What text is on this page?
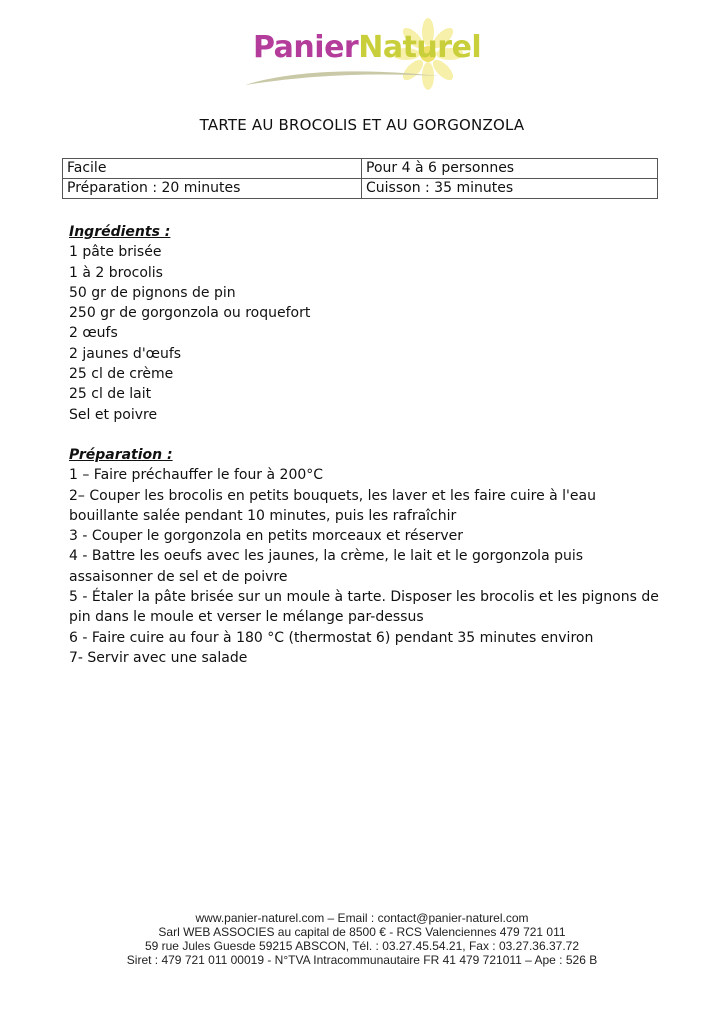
PanierNaturel
TARTE AU BROCOLIS ET AU GORGONZOLA
Facile	Pour 4 à 6 personnes
Préparation : 20 minutes	Cuisson : 35 minutes
Ingrédients :
1 pâte brisée
1 à 2 brocolis
50 gr de pignons de pin
250 gr de gorgonzola ou roquefort
2 œufs
2 jaunes d'œufs
25 cl de crème
25 cl de lait
Sel et poivre
Préparation :
1 – Faire préchauffer le four à 200°C
2– Couper les brocolis en petits bouquets, les laver et les faire cuire à l'eau bouillante salée pendant 10 minutes, puis les rafraîchir
3 - Couper le gorgonzola en petits morceaux et réserver
4 - Battre les oeufs avec les jaunes, la crème, le lait et le gorgonzola puis assaisonner de sel et de poivre
5 - Étaler la pâte brisée sur un moule à tarte. Disposer les brocolis et les pignons de pin dans le moule et verser le mélange par-dessus
6 - Faire cuire au four à 180 °C (thermostat 6) pendant 35 minutes environ
7- Servir avec une salade
www.panier-naturel.com – Email : contact@panier-naturel.com
Sarl WEB ASSOCIES au capital de 8500 € - RCS Valenciennes 479 721 011
59 rue Jules Guesde 59215 ABSCON, Tél. : 03.27.45.54.21, Fax : 03.27.36.37.72
Siret : 479 721 011 00019 - N°TVA Intracommunautaire FR 41 479 721011 – Ape : 526 B
